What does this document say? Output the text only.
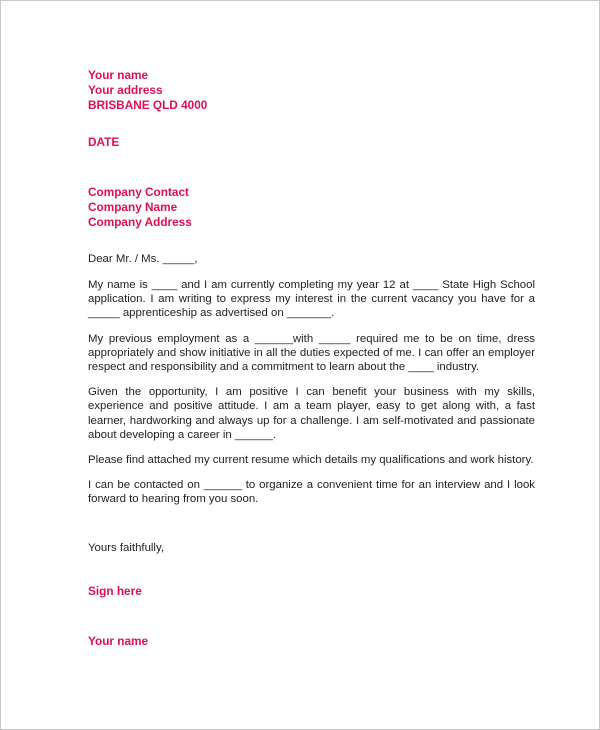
Your name
Your address
BRISBANE QLD 4000
DATE
Company Contact
Company Name
Company Address
Dear Mr. / Ms. _____,
My name is ____ and I am currently completing my year 12 at ____ State High School application. I am writing to express my interest in the current vacancy you have for a _____ apprenticeship as advertised on _______.
My previous employment as a ______with _____ required me to be on time, dress appropriately and show initiative in all the duties expected of me. I can offer an employer respect and responsibility and a commitment to learn about the ____ industry.
Given the opportunity, I am positive I can benefit your business with my skills, experience and positive attitude. I am a team player, easy to get along with, a fast learner, hardworking and always up for a challenge. I am self-motivated and passionate about developing a career in ______.
Please find attached my current resume which details my qualifications and work history.
I can be contacted on ______ to organize a convenient time for an interview and I look forward to hearing from you soon.
Yours faithfully,
Sign here
Your name
